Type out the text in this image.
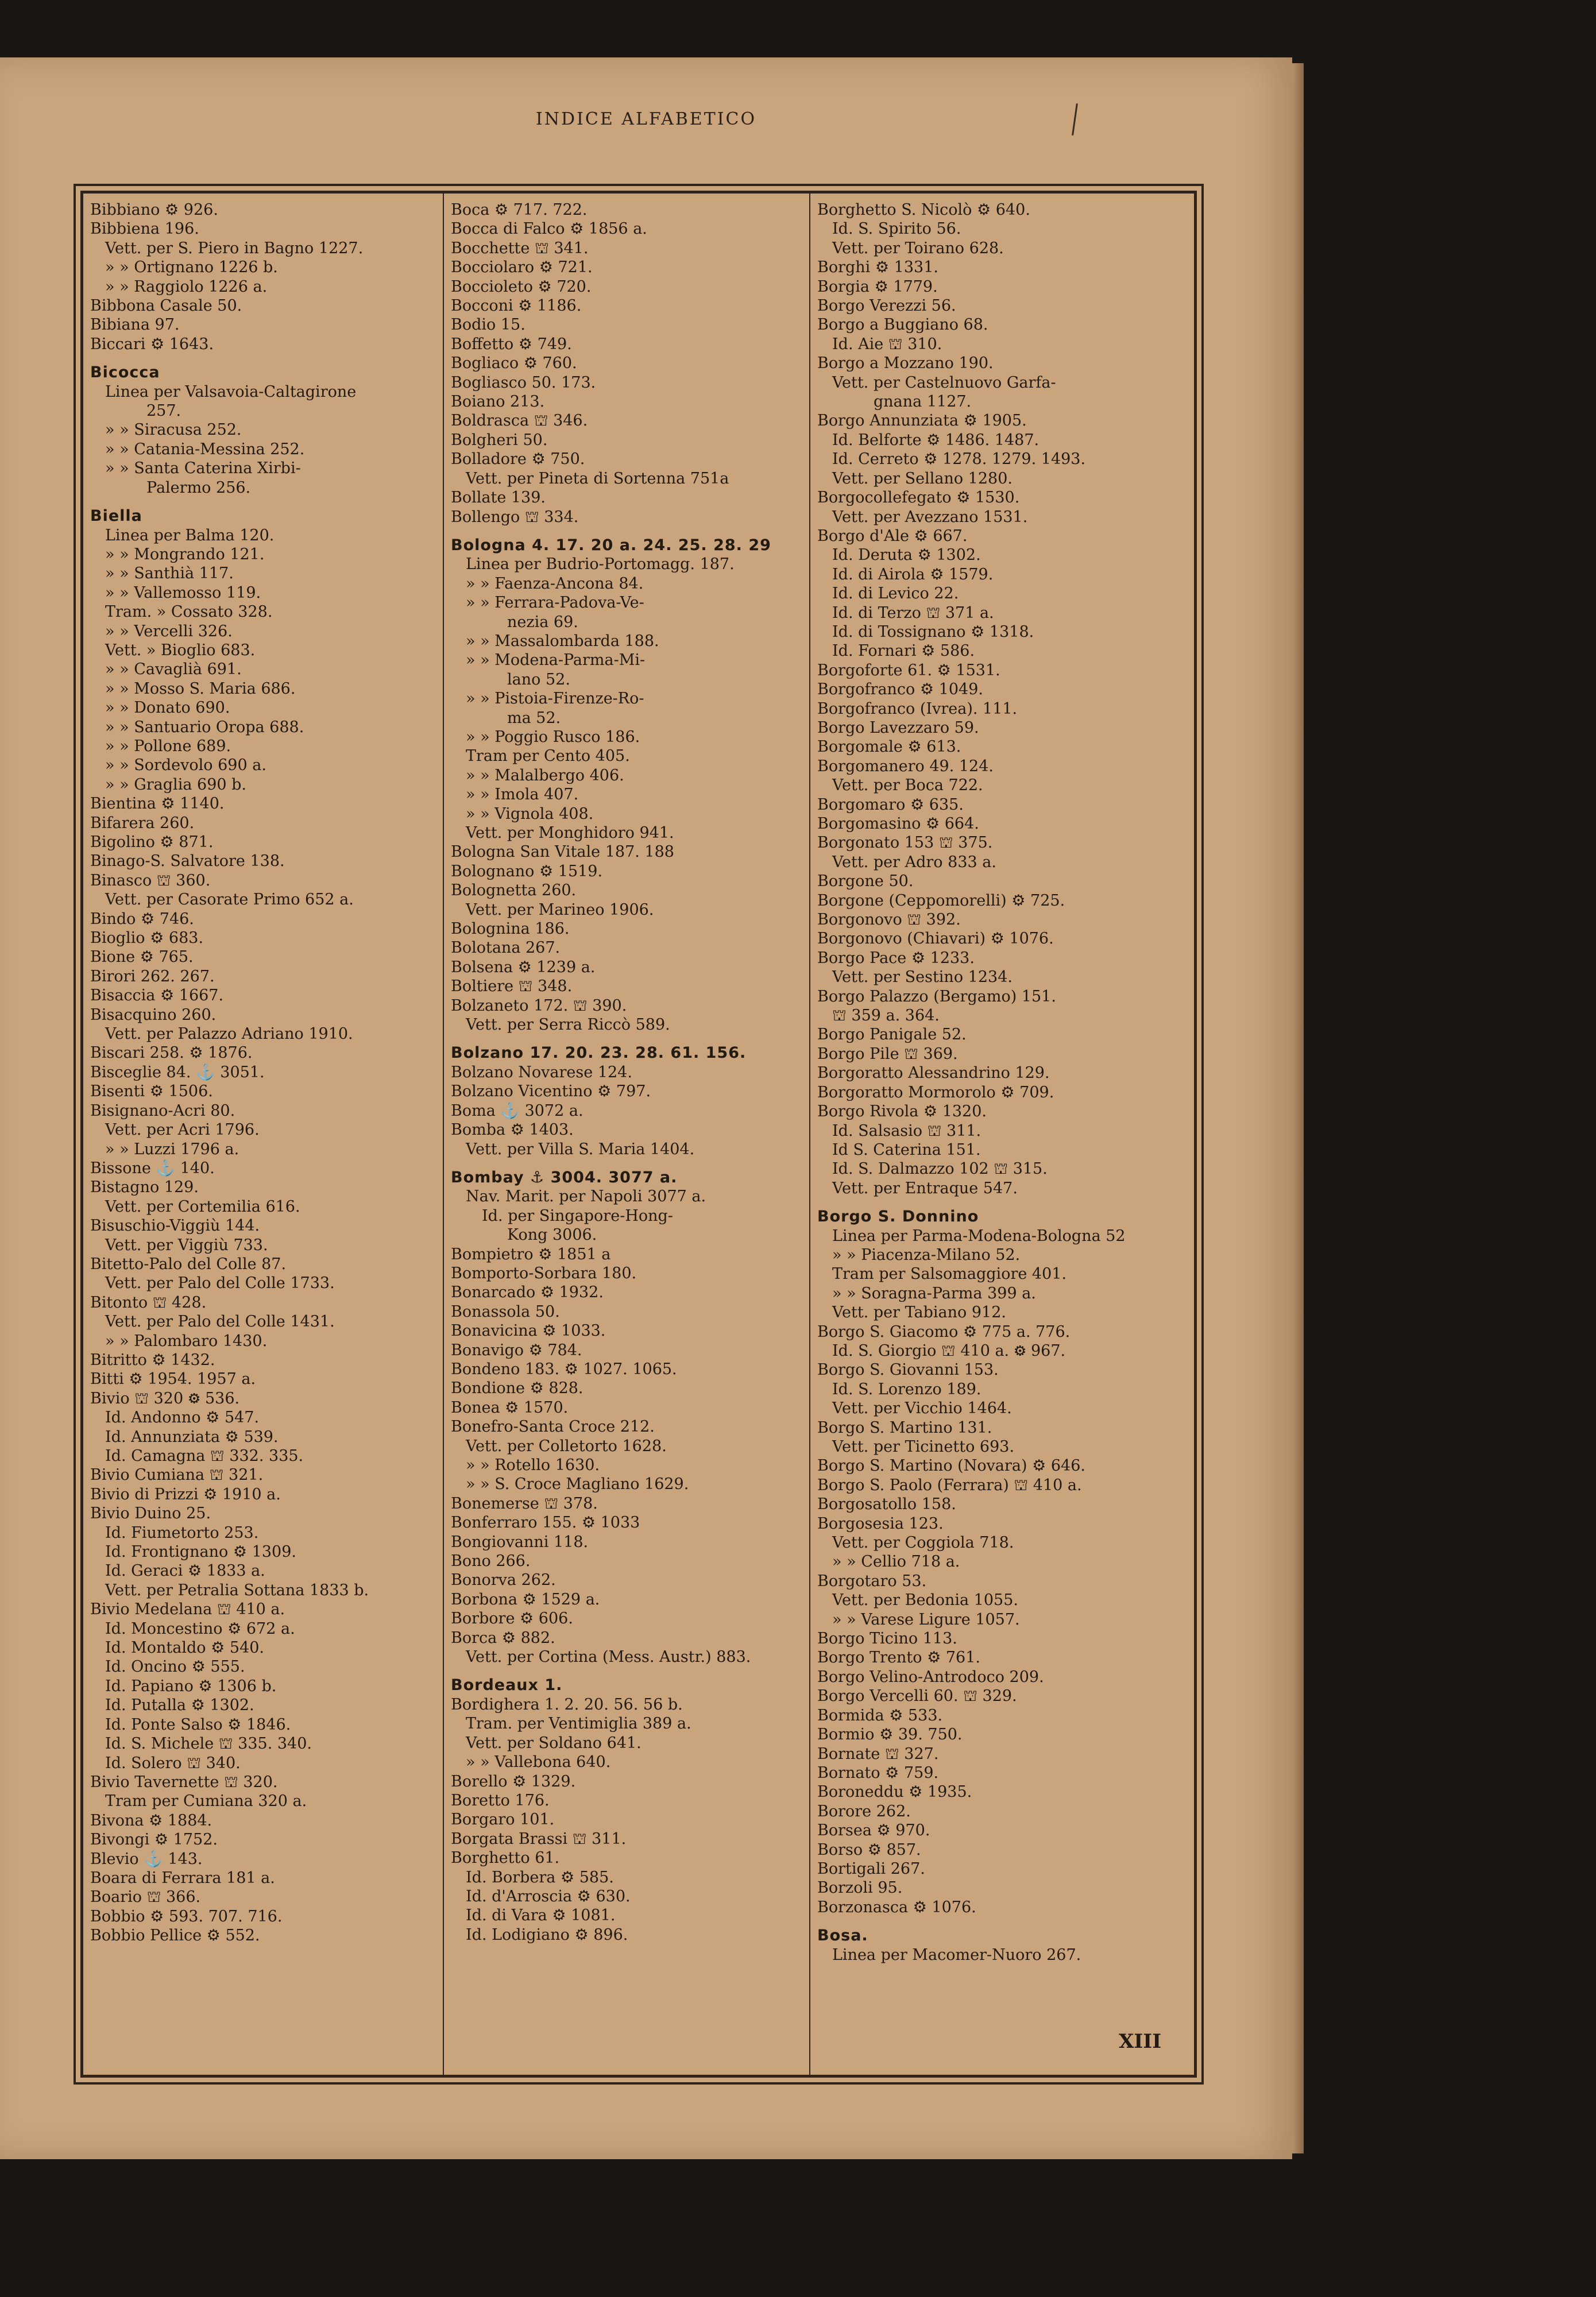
INDICE ALFABETICO
Bibbiano ⚙ 926.
Bibbiena 196.
Vett. per S. Piero in Bagno 1227.
» » Ortignano 1226 b.
» » Raggiolo 1226 a.
Bibbona Casale 50.
Bibiana 97.
Biccari ⚙ 1643.
Bicocca
Linea per Valsavoia-Caltagirone
257.
» » Siracusa 252.
» » Catania-Messina 252.
» » Santa Caterina Xirbi-
Palermo 256.
Biella
Linea per Balma 120.
» » Mongrando 121.
» » Santhià 117.
» » Vallemosso 119.
Tram. » Cossato 328.
» » Vercelli 326.
Vett. » Bioglio 683.
» » Cavaglià 691.
» » Mosso S. Maria 686.
» » Donato 690.
» » Santuario Oropa 688.
» » Pollone 689.
» » Sordevolo 690 a.
» » Graglia 690 b.
Bientina ⚙ 1140.
Bifarera 260.
Bigolino ⚙ 871.
Binago-S. Salvatore 138.
Binasco ⛫ 360.
Vett. per Casorate Primo 652 a.
Bindo ⚙ 746.
Bioglio ⚙ 683.
Bione ⚙ 765.
Birori 262. 267.
Bisaccia ⚙ 1667.
Bisacquino 260.
Vett. per Palazzo Adriano 1910.
Biscari 258. ⚙ 1876.
Bisceglie 84. ⚓ 3051.
Bisenti ⚙ 1506.
Bisignano-Acri 80.
Vett. per Acri 1796.
» » Luzzi 1796 a.
Bissone ⚓ 140.
Bistagno 129.
Vett. per Cortemilia 616.
Bisuschio-Viggiù 144.
Vett. per Viggiù 733.
Bitetto-Palo del Colle 87.
Vett. per Palo del Colle 1733.
Bitonto ⛫ 428.
Vett. per Palo del Colle 1431.
» » Palombaro 1430.
Bitritto ⚙ 1432.
Bitti ⚙ 1954. 1957 a.
Bivio ⛫ 320 ⚙ 536.
Id. Andonno ⚙ 547.
Id. Annunziata ⚙ 539.
Id. Camagna ⛫ 332. 335.
Bivio Cumiana ⛫ 321.
Bivio di Prizzi ⚙ 1910 a.
Bivio Duino 25.
Id. Fiumetorto 253.
Id. Frontignano ⚙ 1309.
Id. Geraci ⚙ 1833 a.
Vett. per Petralia Sottana 1833 b.
Bivio Medelana ⛫ 410 a.
Id. Moncestino ⚙ 672 a.
Id. Montaldo ⚙ 540.
Id. Oncino ⚙ 555.
Id. Papiano ⚙ 1306 b.
Id. Putalla ⚙ 1302.
Id. Ponte Salso ⚙ 1846.
Id. S. Michele ⛫ 335. 340.
Id. Solero ⛫ 340.
Bivio Tavernette ⛫ 320.
Tram per Cumiana 320 a.
Bivona ⚙ 1884.
Bivongi ⚙ 1752.
Blevio ⚓ 143.
Boara di Ferrara 181 a.
Boario ⛫ 366.
Bobbio ⚙ 593. 707. 716.
Bobbio Pellice ⚙ 552.
Boca ⚙ 717. 722.
Bocca di Falco ⚙ 1856 a.
Bocchette ⛫ 341.
Bocciolaro ⚙ 721.
Boccioleto ⚙ 720.
Bocconi ⚙ 1186.
Bodio 15.
Boffetto ⚙ 749.
Bogliaco ⚙ 760.
Bogliasco 50. 173.
Boiano 213.
Boldrasca ⛫ 346.
Bolgheri 50.
Bolladore ⚙ 750.
Vett. per Pineta di Sortenna 751a
Bollate 139.
Bollengo ⛫ 334.
Bologna 4. 17. 20 a. 24. 25. 28. 29
Linea per Budrio-Portomagg. 187.
» » Faenza-Ancona 84.
» » Ferrara-Padova-Ve-
nezia 69.
» » Massalombarda 188.
» » Modena-Parma-Mi-
lano 52.
» » Pistoia-Firenze-Ro-
ma 52.
» » Poggio Rusco 186.
Tram per Cento 405.
» » Malalbergo 406.
» » Imola 407.
» » Vignola 408.
Vett. per Monghidoro 941.
Bologna San Vitale 187. 188
Bolognano ⚙ 1519.
Bolognetta 260.
Vett. per Marineo 1906.
Bolognina 186.
Bolotana 267.
Bolsena ⚙ 1239 a.
Boltiere ⛫ 348.
Bolzaneto 172. ⛫ 390.
Vett. per Serra Riccò 589.
Bolzano 17. 20. 23. 28. 61. 156.
Bolzano Novarese 124.
Bolzano Vicentino ⚙ 797.
Boma ⚓ 3072 a.
Bomba ⚙ 1403.
Vett. per Villa S. Maria 1404.
Bombay ⚓ 3004. 3077 a.
Nav. Marit. per Napoli 3077 a.
Id. per Singapore-Hong-
Kong 3006.
Bompietro ⚙ 1851 a
Bomporto-Sorbara 180.
Bonarcado ⚙ 1932.
Bonassola 50.
Bonavicina ⚙ 1033.
Bonavigo ⚙ 784.
Bondeno 183. ⚙ 1027. 1065.
Bondione ⚙ 828.
Bonea ⚙ 1570.
Bonefro-Santa Croce 212.
Vett. per Colletorto 1628.
» » Rotello 1630.
» » S. Croce Magliano 1629.
Bonemerse ⛫ 378.
Bonferraro 155. ⚙ 1033
Bongiovanni 118.
Bono 266.
Bonorva 262.
Borbona ⚙ 1529 a.
Borbore ⚙ 606.
Borca ⚙ 882.
Vett. per Cortina (Mess. Austr.) 883.
Bordeaux 1.
Bordighera 1. 2. 20. 56. 56 b.
Tram. per Ventimiglia 389 a.
Vett. per Soldano 641.
» » Vallebona 640.
Borello ⚙ 1329.
Boretto 176.
Borgaro 101.
Borgata Brassi ⛫ 311.
Borghetto 61.
Id. Borbera ⚙ 585.
Id. d'Arroscia ⚙ 630.
Id. di Vara ⚙ 1081.
Id. Lodigiano ⚙ 896.
Borghetto S. Nicolò ⚙ 640.
Id. S. Spirito 56.
Vett. per Toirano 628.
Borghi ⚙ 1331.
Borgia ⚙ 1779.
Borgo Verezzi 56.
Borgo a Buggiano 68.
Id. Aie ⛫ 310.
Borgo a Mozzano 190.
Vett. per Castelnuovo Garfa-
gnana 1127.
Borgo Annunziata ⚙ 1905.
Id. Belforte ⚙ 1486. 1487.
Id. Cerreto ⚙ 1278. 1279. 1493.
Vett. per Sellano 1280.
Borgocollefegato ⚙ 1530.
Vett. per Avezzano 1531.
Borgo d'Ale ⚙ 667.
Id. Deruta ⚙ 1302.
Id. di Airola ⚙ 1579.
Id. di Levico 22.
Id. di Terzo ⛫ 371 a.
Id. di Tossignano ⚙ 1318.
Id. Fornari ⚙ 586.
Borgoforte 61. ⚙ 1531.
Borgofranco ⚙ 1049.
Borgofranco (Ivrea). 111.
Borgo Lavezzaro 59.
Borgomale ⚙ 613.
Borgomanero 49. 124.
Vett. per Boca 722.
Borgomaro ⚙ 635.
Borgomasino ⚙ 664.
Borgonato 153 ⛫ 375.
Vett. per Adro 833 a.
Borgone 50.
Borgone (Ceppomorelli) ⚙ 725.
Borgonovo ⛫ 392.
Borgonovo (Chiavari) ⚙ 1076.
Borgo Pace ⚙ 1233.
Vett. per Sestino 1234.
Borgo Palazzo (Bergamo) 151.
⛫ 359 a. 364.
Borgo Panigale 52.
Borgo Pile ⛫ 369.
Borgoratto Alessandrino 129.
Borgoratto Mormorolo ⚙ 709.
Borgo Rivola ⚙ 1320.
Id. Salsasio ⛫ 311.
Id S. Caterina 151.
Id. S. Dalmazzo 102 ⛫ 315.
Vett. per Entraque 547.
Borgo S. Donnino
Linea per Parma-Modena-Bologna 52
» » Piacenza-Milano 52.
Tram per Salsomaggiore 401.
» » Soragna-Parma 399 a.
Vett. per Tabiano 912.
Borgo S. Giacomo ⚙ 775 a. 776.
Id. S. Giorgio ⛫ 410 a. ⚙ 967.
Borgo S. Giovanni 153.
Id. S. Lorenzo 189.
Vett. per Vicchio 1464.
Borgo S. Martino 131.
Vett. per Ticinetto 693.
Borgo S. Martino (Novara) ⚙ 646.
Borgo S. Paolo (Ferrara) ⛫ 410 a.
Borgosatollo 158.
Borgosesia 123.
Vett. per Coggiola 718.
» » Cellio 718 a.
Borgotaro 53.
Vett. per Bedonia 1055.
» » Varese Ligure 1057.
Borgo Ticino 113.
Borgo Trento ⚙ 761.
Borgo Velino-Antrodoco 209.
Borgo Vercelli 60. ⛫ 329.
Bormida ⚙ 533.
Bormio ⚙ 39. 750.
Bornate ⛫ 327.
Bornato ⚙ 759.
Boroneddu ⚙ 1935.
Borore 262.
Borsea ⚙ 970.
Borso ⚙ 857.
Bortigali 267.
Borzoli 95.
Borzonasca ⚙ 1076.
Bosa.
Linea per Macomer-Nuoro 267.
XIII
